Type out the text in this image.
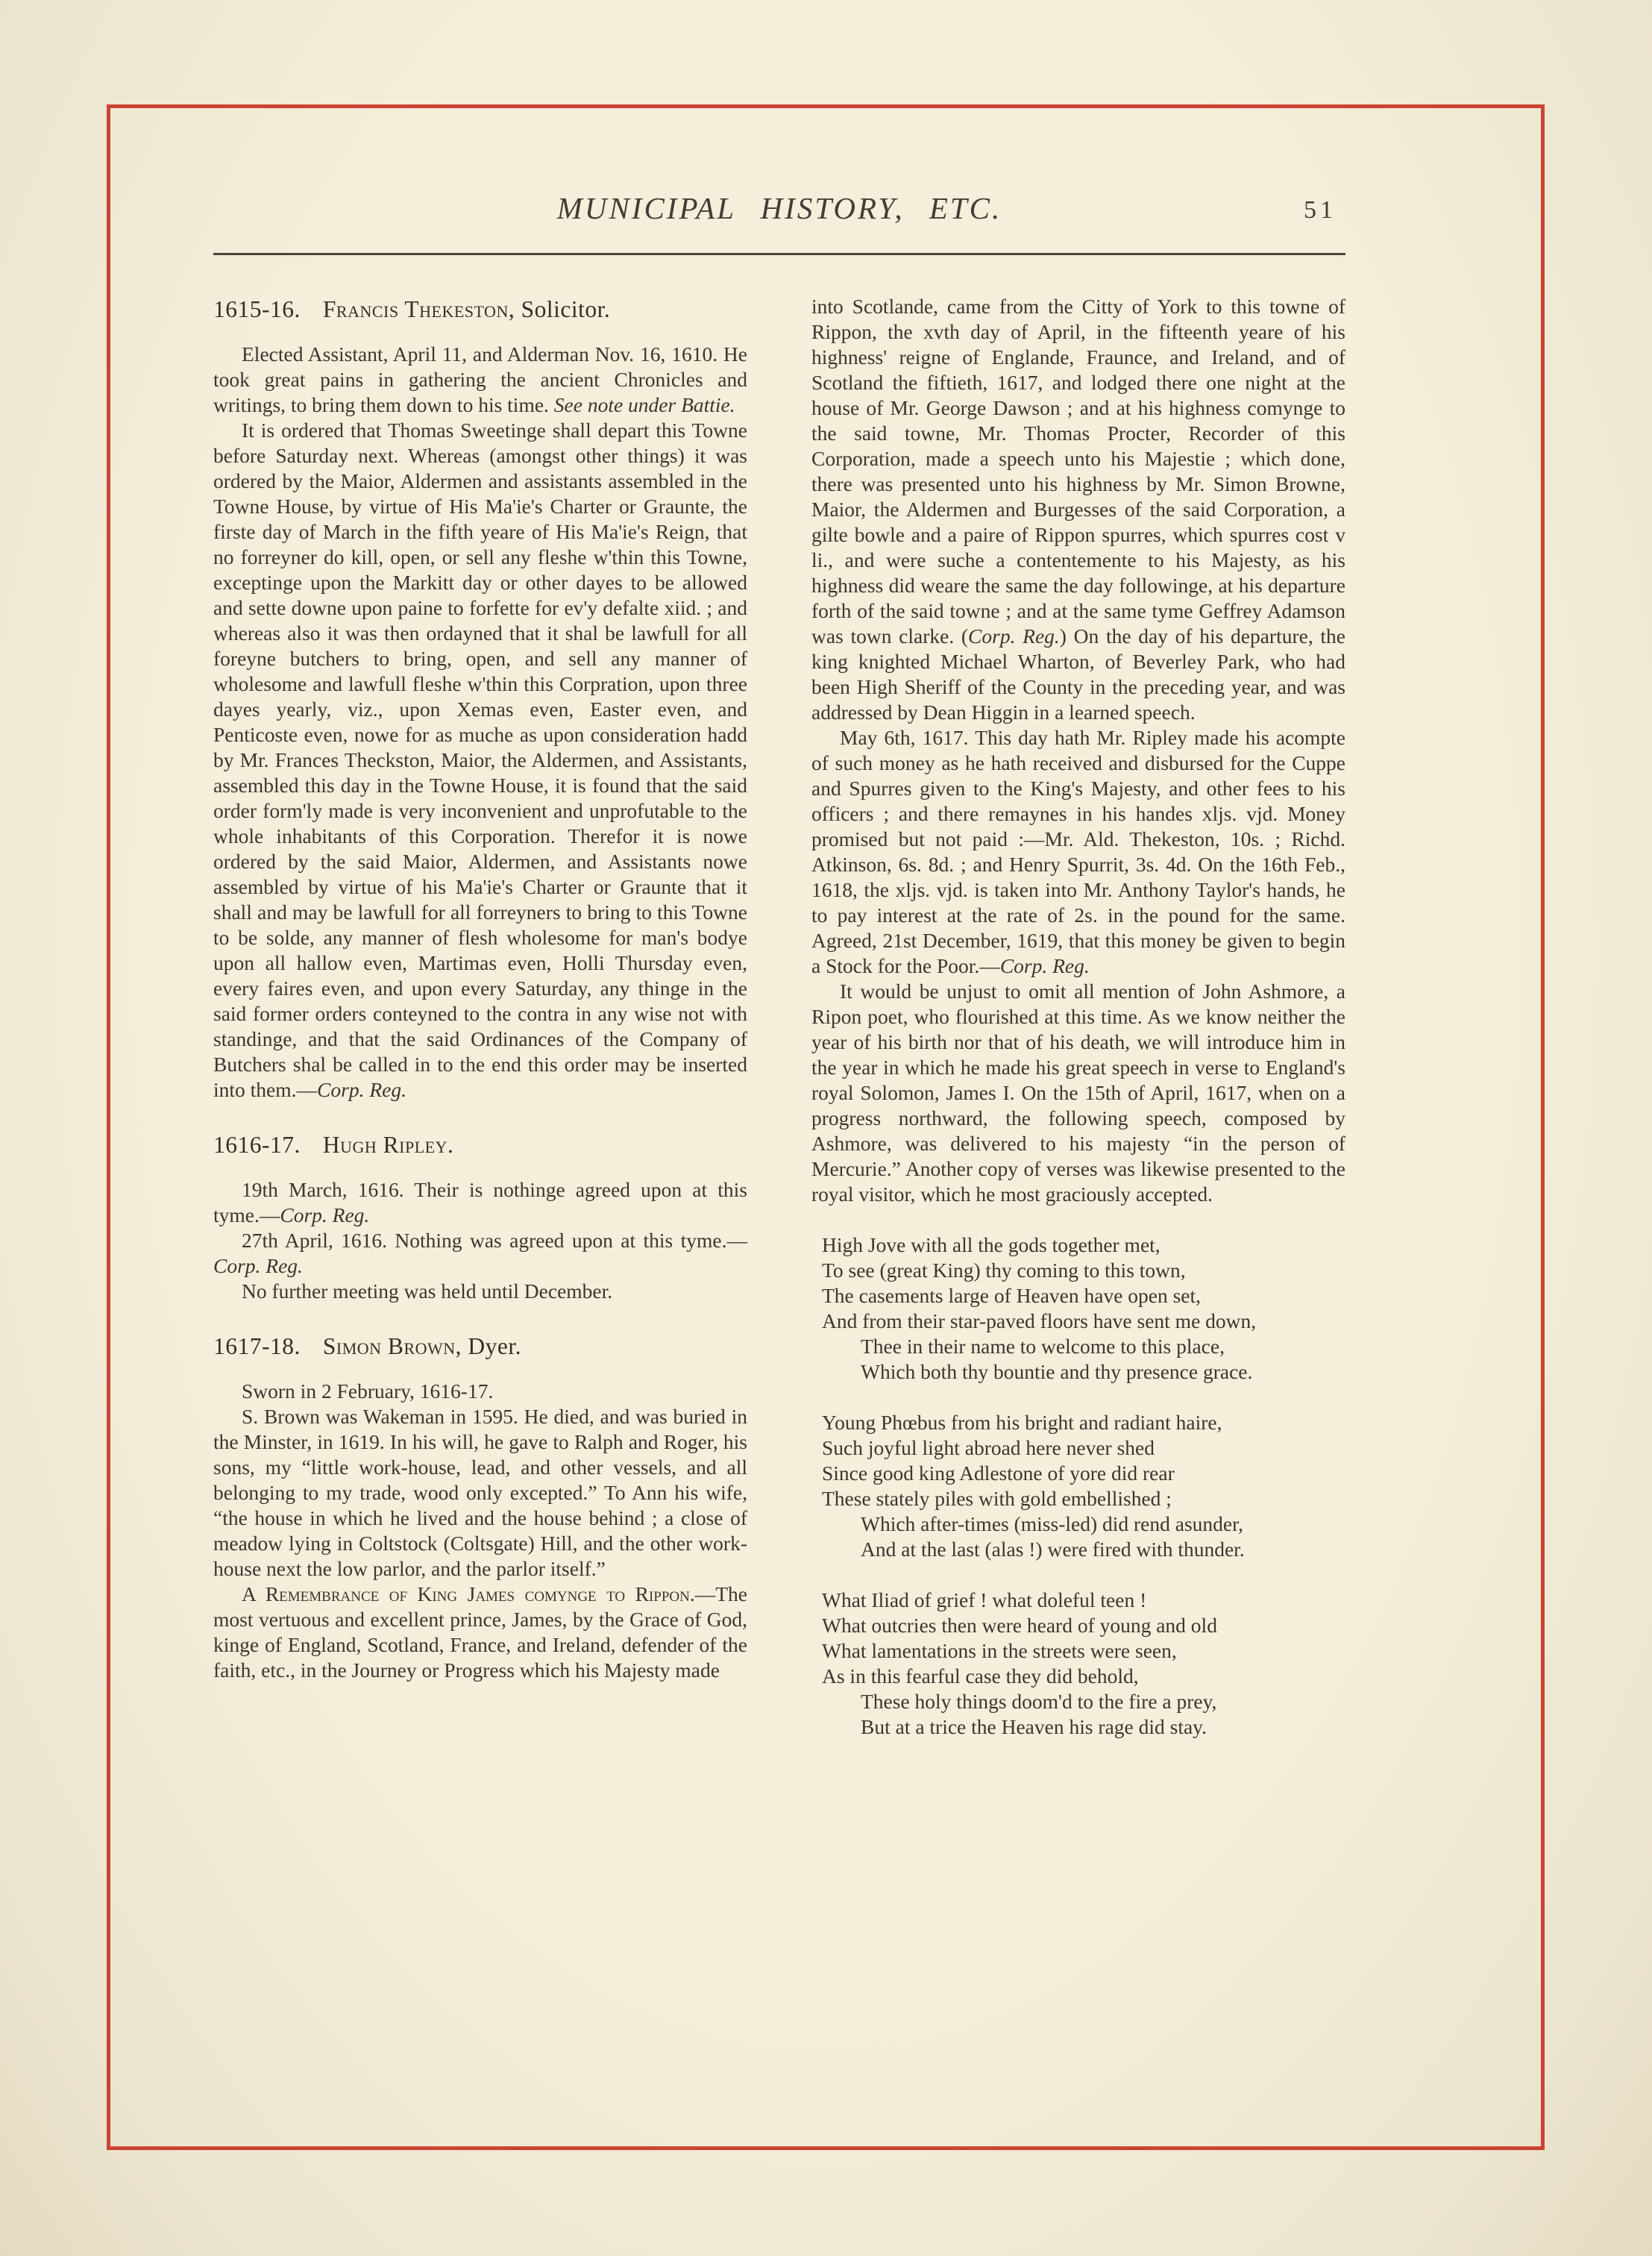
MUNICIPAL HISTORY, ETC.	51
1615-16. Francis Thekeston, Solicitor.

Elected Assistant, April 11, and Alderman Nov. 16, 1610. He took great pains in gathering the ancient Chronicles and writings, to bring them down to his time. See note under Battie.

It is ordered that Thomas Sweetinge shall depart this Towne before Saturday next. Whereas (amongst other things) it was ordered by the Maior, Aldermen and assistants assembled in the Towne House, by virtue of His Ma'ie's Charter or Graunte, the firste day of March in the fifth yeare of His Ma'ie's Reign, that no forreyner do kill, open, or sell any fleshe w'thin this Towne, exceptinge upon the Markitt day or other dayes to be allowed and sette downe upon paine to forfette for ev'y defalte xiid. ; and whereas also it was then ordayned that it shal be lawfull for all foreyne butchers to bring, open, and sell any manner of wholesome and lawfull fleshe w'thin this Corpration, upon three dayes yearly, viz., upon Xemas even, Easter even, and Penticoste even, nowe for as muche as upon consideration hadd by Mr. Frances Theckston, Maior, the Aldermen, and Assistants, assembled this day in the Towne House, it is found that the said order form'ly made is very inconvenient and unprofutable to the whole inhabitants of this Corporation. Therefor it is nowe ordered by the said Maior, Aldermen, and Assistants nowe assembled by virtue of his Ma'ie's Charter or Graunte that it shall and may be lawfull for all forreyners to bring to this Towne to be solde, any manner of flesh wholesome for man's bodye upon all hallow even, Martimas even, Holli Thursday even, every faires even, and upon every Saturday, any thinge in the said former orders conteyned to the contra in any wise not with standinge, and that the said Ordinances of the Company of Butchers shal be called in to the end this order may be inserted into them.—Corp. Reg.

1616-17. Hugh Ripley.

19th March, 1616. Their is nothinge agreed upon at this tyme.—Corp. Reg.

27th April, 1616. Nothing was agreed upon at this tyme.—Corp. Reg.

No further meeting was held until December.

1617-18. Simon Brown, Dyer.

Sworn in 2 February, 1616-17.

S. Brown was Wakeman in 1595. He died, and was buried in the Minster, in 1619. In his will, he gave to Ralph and Roger, his sons, my “little work-house, lead, and other vessels, and all belonging to my trade, wood only excepted.” To Ann his wife, “the house in which he lived and the house behind ; a close of meadow lying in Coltstock (Coltsgate) Hill, and the other work-house next the low parlor, and the parlor itself.”

A Remembrance of King James comynge to Rippon.—The most vertuous and excellent prince, James, by the Grace of God, kinge of England, Scotland, France, and Ireland, defender of the faith, etc., in the Journey or Progress which his Majesty made

into Scotlande, came from the Citty of York to this towne of Rippon, the xvth day of April, in the fifteenth yeare of his highness' reigne of Englande, Fraunce, and Ireland, and of Scotland the fiftieth, 1617, and lodged there one night at the house of Mr. George Dawson ; and at his highness comynge to the said towne, Mr. Thomas Procter, Recorder of this Corporation, made a speech unto his Majestie ; which done, there was presented unto his highness by Mr. Simon Browne, Maior, the Aldermen and Burgesses of the said Corporation, a gilte bowle and a paire of Rippon spurres, which spurres cost v li., and were suche a contentemente to his Majesty, as his highness did weare the same the day followinge, at his departure forth of the said towne ; and at the same tyme Geffrey Adamson was town clarke. (Corp. Reg.) On the day of his departure, the king knighted Michael Wharton, of Beverley Park, who had been High Sheriff of the County in the preceding year, and was addressed by Dean Higgin in a learned speech.

May 6th, 1617. This day hath Mr. Ripley made his acompte of such money as he hath received and disbursed for the Cuppe and Spurres given to the King's Majesty, and other fees to his officers ; and there remaynes in his handes xljs. vjd. Money promised but not paid :—Mr. Ald. Thekeston, 10s. ; Richd. Atkinson, 6s. 8d. ; and Henry Spurrit, 3s. 4d. On the 16th Feb., 1618, the xljs. vjd. is taken into Mr. Anthony Taylor's hands, he to pay interest at the rate of 2s. in the pound for the same. Agreed, 21st December, 1619, that this money be given to begin a Stock for the Poor.—Corp. Reg.

It would be unjust to omit all mention of John Ashmore, a Ripon poet, who flourished at this time. As we know neither the year of his birth nor that of his death, we will introduce him in the year in which he made his great speech in verse to England's royal Solomon, James I. On the 15th of April, 1617, when on a progress northward, the following speech, composed by Ashmore, was delivered to his majesty “in the person of Mercurie.” Another copy of verses was likewise presented to the royal visitor, which he most graciously accepted.

High Jove with all the gods together met,
To see (great King) thy coming to this town,
The casements large of Heaven have open set,
And from their star-paved floors have sent me down,
Thee in their name to welcome to this place,
Which both thy bountie and thy presence grace.
Young Phœbus from his bright and radiant haire,
Such joyful light abroad here never shed
Since good king Adlestone of yore did rear
These stately piles with gold embellished ;
Which after-times (miss-led) did rend asunder,
And at the last (alas !) were fired with thunder.
What Iliad of grief ! what doleful teen !
What outcries then were heard of young and old
What lamentations in the streets were seen,
As in this fearful case they did behold,
These holy things doom'd to the fire a prey,
But at a trice the Heaven his rage did stay.
